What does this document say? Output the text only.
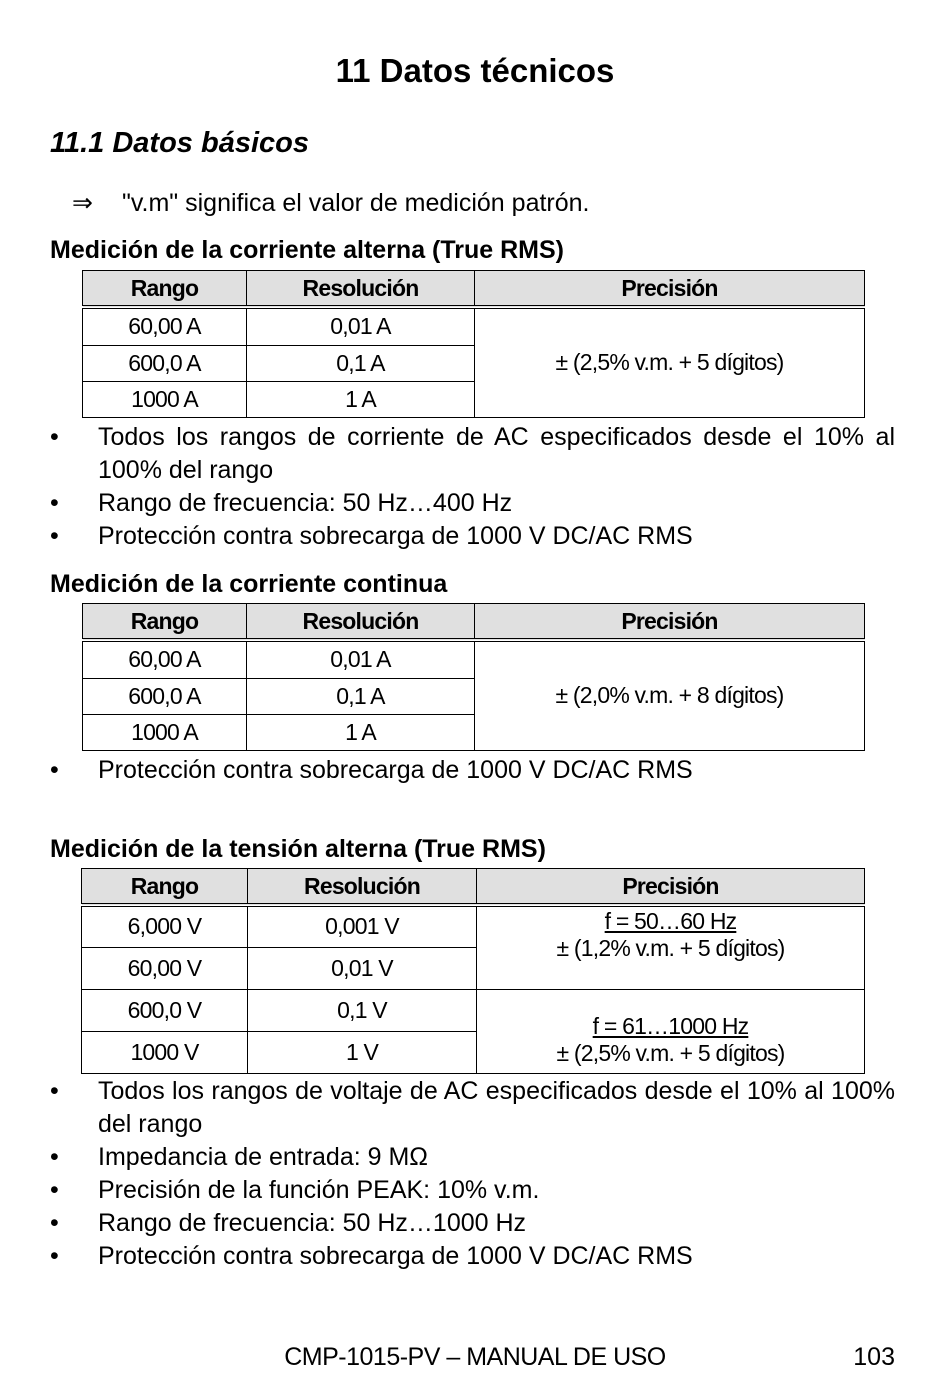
11 Datos técnicos
11.1 Datos básicos
⇒ "v.m" significa el valor de medición patrón.
Medición de la corriente alterna (True RMS)
Rango	Resolución	Precisión
60,00 A	0,01 A	± (2,5% v.m. + 5 dígitos)
600,0 A	0,1 A	
1000 A	1 A	
• Todos los rangos de corriente de AC especificados desde el 10% al 100% del rango
• Rango de frecuencia: 50 Hz…400 Hz
• Protección contra sobrecarga de 1000 V DC/AC RMS
Medición de la corriente continua
Rango	Resolución	Precisión
60,00 A	0,01 A	± (2,0% v.m. + 8 dígitos)
600,0 A	0,1 A	
1000 A	1 A	
• Protección contra sobrecarga de 1000 V DC/AC RMS
Medición de la tensión alterna (True RMS)
Rango	Resolución	Precisión
6,000 V	0,001 V	f = 50…60 Hz
± (1,2% v.m. + 5 dígitos)

60,00 V	0,01 V	
600,0 V	0,1 V	f = 61…1000 Hz
± (2,5% v.m. + 5 dígitos)

1000 V	1 V	
• Todos los rangos de voltaje de AC especificados desde el 10% al 100% del rango
• Impedancia de entrada: 9 MΩ
• Precisión de la función PEAK: 10% v.m.
• Rango de frecuencia: 50 Hz…1000 Hz
• Protección contra sobrecarga de 1000 V DC/AC RMS
CMP-1015-PV – MANUAL DE USO	103
